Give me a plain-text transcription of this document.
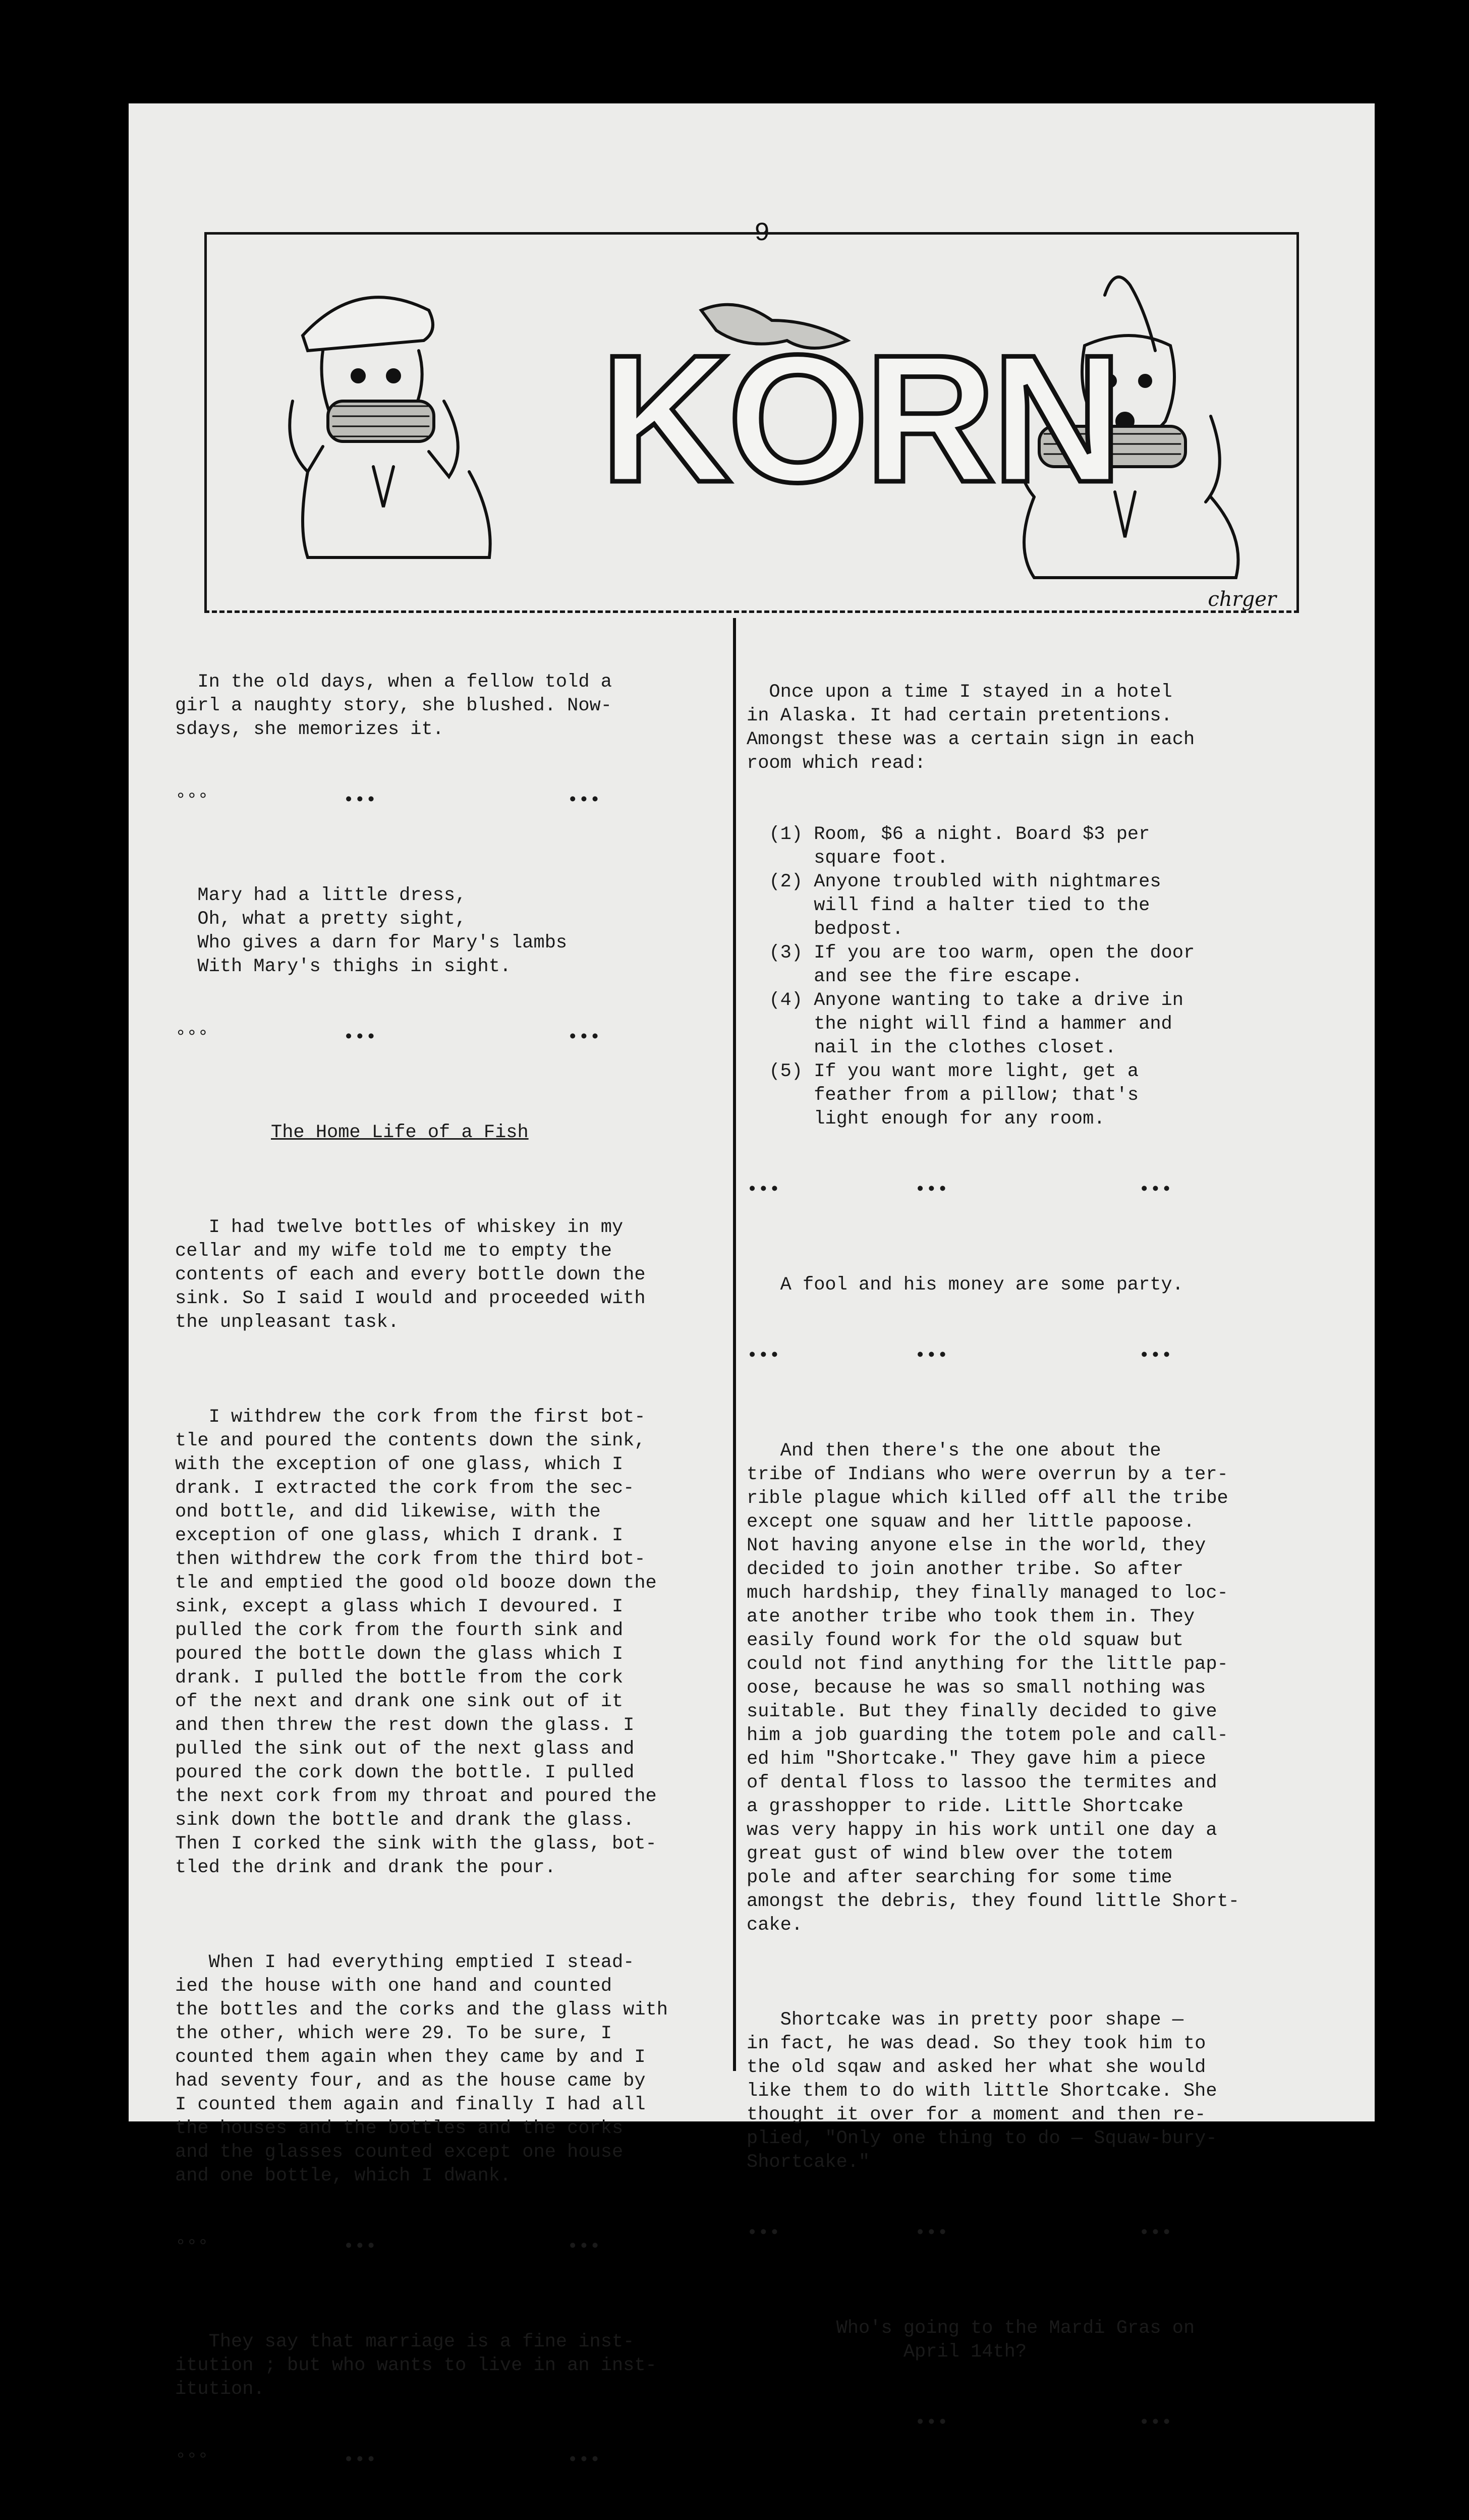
9
KORN
chrger

In the old days, when a fellow told a
girl a naughty story, she blushed. Now-
sdays, she memorizes it.

°°°            •••                 •••

Mary had a little dress,
Oh, what a pretty sight,
Who gives a darn for Mary's lambs
With Mary's thighs in sight.

°°°            •••                 •••

The Home Life of a Fish

I had twelve bottles of whiskey in my
cellar and my wife told me to empty the
contents of each and every bottle down the
sink. So I said I would and proceeded with
the unpleasant task.

I withdrew the cork from the first bot-
tle and poured the contents down the sink,
with the exception of one glass, which I
drank. I extracted the cork from the sec-
ond bottle, and did likewise, with the
exception of one glass, which I drank. I
then withdrew the cork from the third bot-
tle and emptied the good old booze down the
sink, except a glass which I devoured. I
pulled the cork from the fourth sink and
poured the bottle down the glass which I
drank. I pulled the bottle from the cork
of the next and drank one sink out of it
and then threw the rest down the glass. I
pulled the sink out of the next glass and
poured the cork down the bottle. I pulled
the next cork from my throat and poured the
sink down the bottle and drank the glass.
Then I corked the sink with the glass, bot-
tled the drink and drank the pour.

When I had everything emptied I stead-
ied the house with one hand and counted
the bottles and the corks and the glass with
the other, which were 29. To be sure, I
counted them again when they came by and I
had seventy four, and as the house came by
I counted them again and finally I had all
the houses and the bottles and the corks
and the glasses counted except one house
and one bottle, which I dwank.

°°°            •••                 •••

They say that marriage is a fine inst-
itution ; but who wants to live in an inst-
itution.

°°°            •••                 •••

Once upon a time I stayed in a hotel
in Alaska. It had certain pretentions.
Amongst these was a certain sign in each
room which read:

(1) Room, $6 a night. Board $3 per
square foot.
(2) Anyone troubled with nightmares
will find a halter tied to the
bedpost.
(3) If you are too warm, open the door
and see the fire escape.
(4) Anyone wanting to take a drive in
the night will find a hammer and
nail in the clothes closet.
(5) If you want more light, get a
feather from a pillow; that's
light enough for any room.

•••            •••                 •••

A fool and his money are some party.

•••            •••                 •••

And then there's the one about the
tribe of Indians who were overrun by a ter-
rible plague which killed off all the tribe
except one squaw and her little papoose.
Not having anyone else in the world, they
decided to join another tribe. So after
much hardship, they finally managed to loc-
ate another tribe who took them in. They
easily found work for the old squaw but
could not find anything for the little pap-
oose, because he was so small nothing was
suitable. But they finally decided to give
him a job guarding the totem pole and call-
ed him "Shortcake." They gave him a piece
of dental floss to lassoo the termites and
a grasshopper to ride. Little Shortcake
was very happy in his work until one day a
great gust of wind blew over the totem
pole and after searching for some time
amongst the debris, they found little Short-
cake.

Shortcake was in pretty poor shape —
in fact, he was dead. So they took him to
the old sqaw and asked her what she would
like them to do with little Shortcake. She
thought it over for a moment and then re-
plied, "Only one thing to do — Squaw-bury-
Shortcake."

•••            •••                 •••

Who's going to the Mardi Gras on
April 14th?

•••                 •••
